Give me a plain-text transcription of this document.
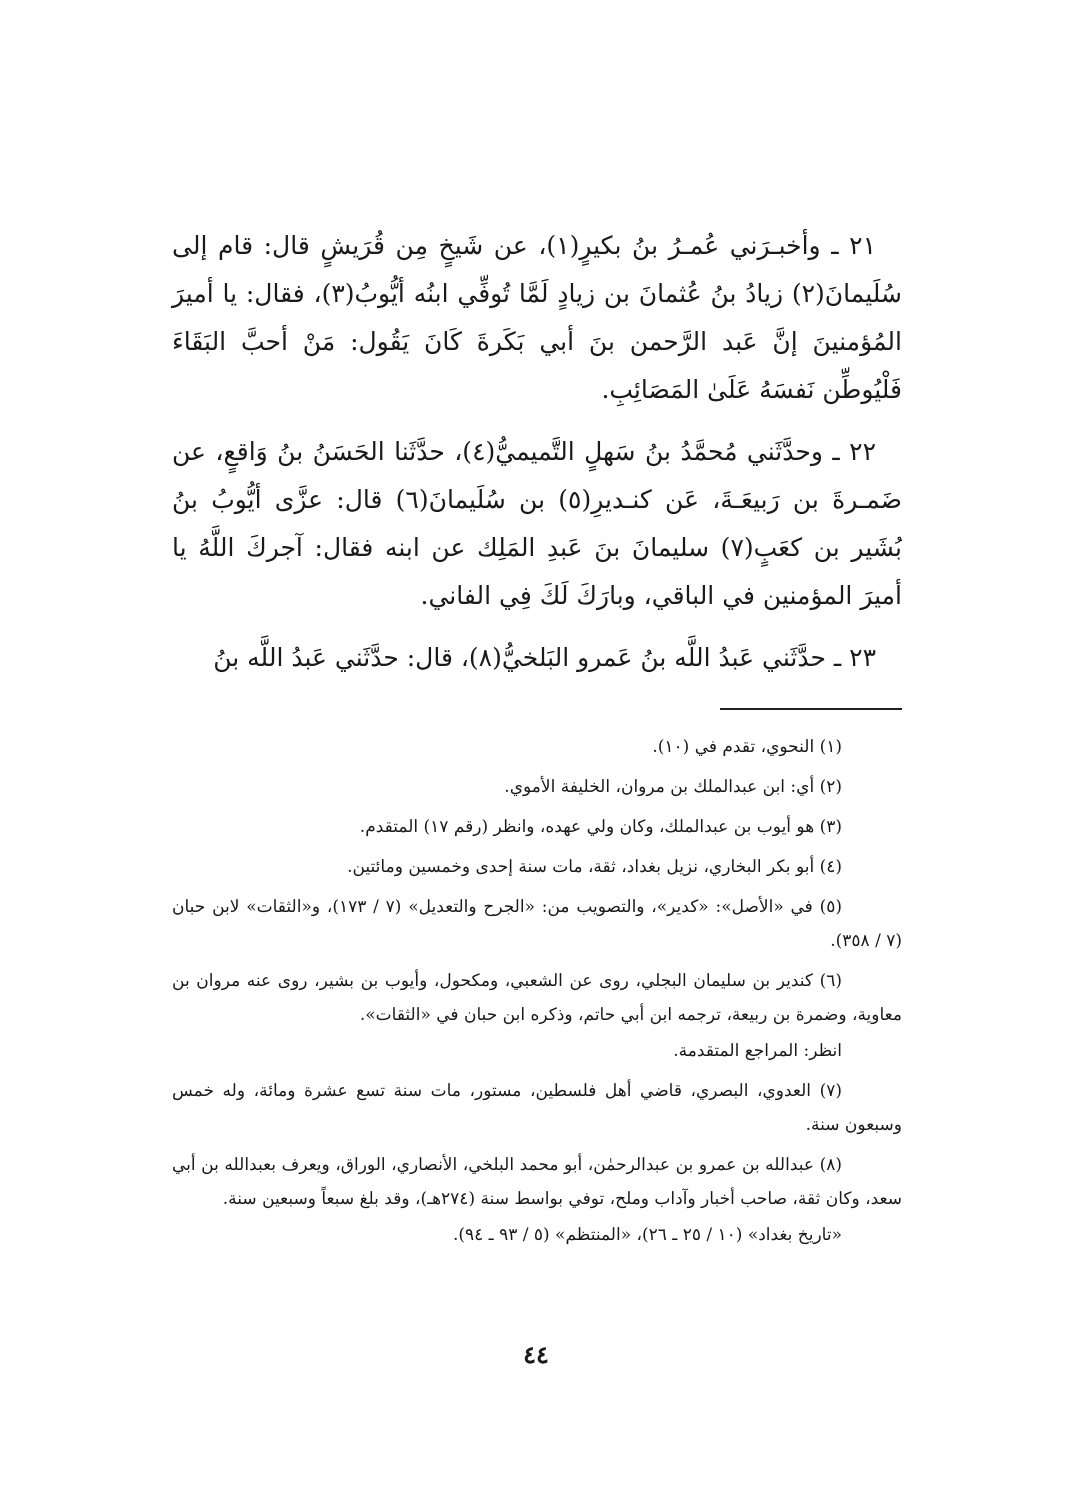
٢١ ـ وأخبـرَني عُمـرُ بنُ بكيرٍ(١)، عن شَيخٍ مِن قُرَيشٍ قال: قام إلى سُلَيمانَ(٢) زيادُ بنُ عُثمانَ بن زيادٍ لَمَّا تُوفِّي ابنُه أيُّوبُ(٣)، فقال: يا أميرَ المُؤمنينَ إنَّ عَبد الرَّحمن بنَ أبي بَكَرةَ كَانَ يَقُول: مَنْ أحبَّ البَقَاءَ فَلْيُوطِّن نَفسَهُ عَلَىٰ المَصَائِبِ.

٢٢ ـ وحدَّثَني مُحمَّدُ بنُ سَهلٍ التَّميميُّ(٤)، حدَّثَنا الحَسَنُ بنُ وَاقعٍ، عن ضَمـرةَ بن رَبيعَـةَ، عَن كنـديرِ(٥) بن سُلَيمانَ(٦) قال: عزَّى أيُّوبُ بنُ بُشَير بن كعَبٍ(٧) سليمانَ بنَ عَبدِ المَلِك عن ابنه فقال: آجركَ اللَّهُ يا أميرَ المؤمنين في الباقي، وبارَكَ لَكَ فِي الفاني.

٢٣ ـ حدَّثَني عَبدُ اللَّه بنُ عَمرو البَلخيُّ(٨)، قال: حدَّثَني عَبدُ اللَّه بنُ

(١) النحوي، تقدم في (١٠).

(٢) أي: ابن عبدالملك بن مروان، الخليفة الأموي.

(٣) هو أيوب بن عبدالملك، وكان ولي عهده، وانظر (رقم ١٧) المتقدم.

(٤) أبو بكر البخاري، نزيل بغداد، ثقة، مات سنة إحدى وخمسين ومائتين.

(٥) في «الأصل»: «كدير»، والتصويب من: «الجرح والتعديل» (٧ / ١٧٣)، و«الثقات» لابن حبان (٧ / ٣٥٨).

(٦) كندير بن سليمان البجلي، روى عن الشعبي، ومكحول، وأيوب بن بشير، روى عنه مروان بن معاوية، وضمرة بن ربيعة، ترجمه ابن أبي حاتم، وذكره ابن حبان في «الثقات».

انظر: المراجع المتقدمة.

(٧) العدوي، البصري، قاضي أهل فلسطين، مستور، مات سنة تسع عشرة ومائة، وله خمس وسبعون سنة.

(٨) عبدالله بن عمرو بن عبدالرحمٰن، أبو محمد البلخي، الأنصاري، الوراق، ويعرف بعبدالله بن أبي سعد، وكان ثقة، صاحب أخبار وآداب وملح، توفي بواسط سنة (٢٧٤هـ)، وقد بلغ سبعاً وسبعين سنة.

«تاريخ بغداد» (١٠ / ٢٥ ـ ٢٦)، «المنتظم» (٥ / ٩٣ ـ ٩٤).

٤٤
